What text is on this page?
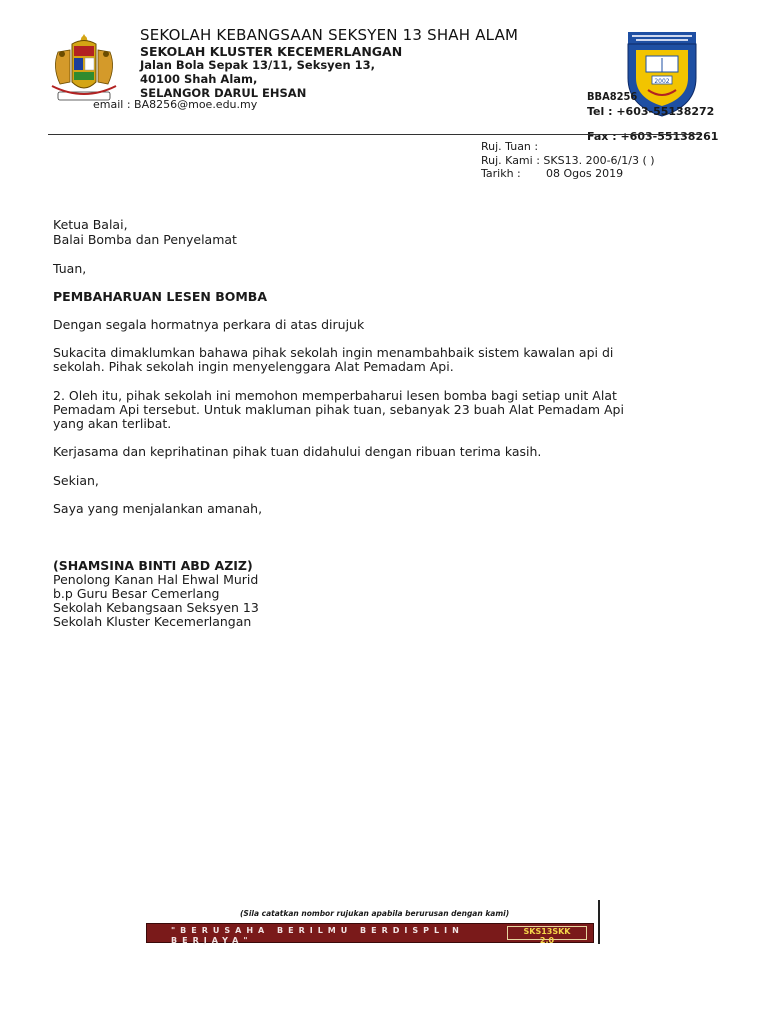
2002
SEKOLAH KEBANGSAAN SEKSYEN 13 SHAH ALAM
SEKOLAH KLUSTER KECEMERLANGAN
Jalan Bola Sepak 13/11, Seksyen 13,
40100 Shah Alam,
SELANGOR DARUL EHSAN
email : BA8256@moe.edu.my
BBA8256
Tel : +603-55138272
Fax : +603-55138261
Ruj. Tuan :
Ruj. Kami : SKS13. 200-6/1/3 ( )
Tarikh : 08 Ogos 2019
Ketua Balai,
Balai Bomba dan Penyelamat
Tuan,
PEMBAHARUAN LESEN BOMBA
Dengan segala hormatnya perkara di atas dirujuk
Sukacita dimaklumkan bahawa pihak sekolah ingin menambahbaik sistem kawalan api di
sekolah. Pihak sekolah ingin menyelenggara Alat Pemadam Api.
2. Oleh itu, pihak sekolah ini memohon memperbaharui lesen bomba bagi setiap unit Alat
Pemadam Api tersebut. Untuk makluman pihak tuan, sebanyak 23 buah Alat Pemadam Api
yang akan terlibat.
Kerjasama dan keprihatinan pihak tuan didahului dengan ribuan terima kasih.
Sekian,
Saya yang menjalankan amanah,
(SHAMSINA BINTI ABD AZIZ)
Penolong Kanan Hal Ehwal Murid
b.p Guru Besar Cemerlang
Sekolah Kebangsaan Seksyen 13
Sekolah Kluster Kecemerlangan
(Sila catatkan nombor rujukan apabila berurusan dengan kami)
"BERUSAHA BERILMU BERDISPLIN BERJAYA"
SKS13SKK
2.0
